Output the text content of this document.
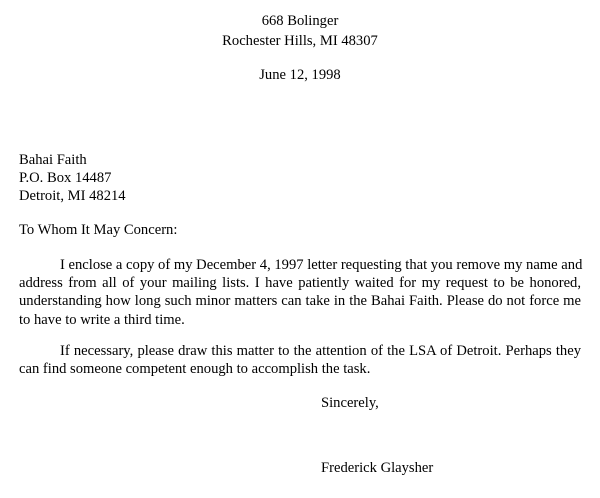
668 Bolinger
Rochester Hills, MI 48307
June 12, 1998
Bahai Faith
P.O. Box 14487
Detroit, MI 48214
To Whom It May Concern:
I enclose a copy of my December 4, 1997 letter requesting that you remove my name and
address from all of your mailing lists. I have patiently waited for my request to be honored,
understanding how long such minor matters can take in the Bahai Faith. Please do not force me
to have to write a third time.
If necessary, please draw this matter to the attention of the LSA of Detroit. Perhaps they
can find someone competent enough to accomplish the task.
Sincerely,
Frederick Glaysher
